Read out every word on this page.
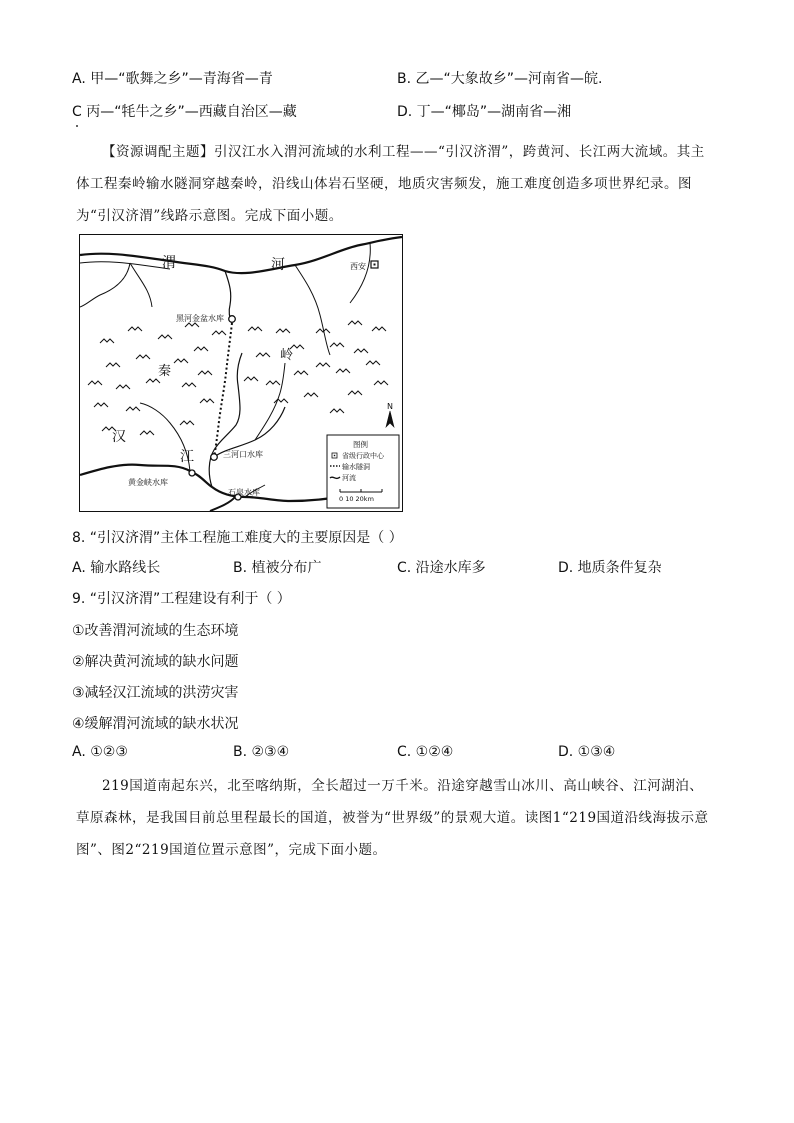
A. 甲—“歌舞之乡”—青海省—青	B. 乙—“大象故乡”—河南省—皖.
C 丙—“牦牛之乡”—西藏自治区—藏	D. 丁—“椰岛”—湖南省—湘
【资源调配主题】引汉江水入渭河流域的水利工程——“引汉济渭”，跨黄河、长江两大流域。其主体工程秦岭输水隧洞穿越秦岭，沿线山体岩石坚硬，地质灾害频发，施工难度创造多项世界纪录。图为“引汉济渭”线路示意图。完成下面小题。
渭	河	西安
黑河金盆水库
秦
岭
汉
江	三河口水库
黄金峡水库
石泉水库
N
图例
省级行政中心
输水隧洞
河流
0 10 20km
8. “引汉济渭”主体工程施工难度大的主要原因是（ ）
A. 输水路线长	B. 植被分布广	C. 沿途水库多	D. 地质条件复杂
9. “引汉济渭”工程建设有利于（ ）
①改善渭河流域的生态环境
②解决黄河流域的缺水问题
③减轻汉江流域的洪涝灾害
④缓解渭河流域的缺水状况
A. ①②③	B. ②③④	C. ①②④	D. ①③④
219国道南起东兴，北至喀纳斯，全长超过一万千米。沿途穿越雪山冰川、高山峡谷、江河湖泊、草原森林，是我国目前总里程最长的国道，被誉为“世界级”的景观大道。读图1“219国道沿线海拔示意图”、图2“219国道位置示意图”，完成下面小题。
